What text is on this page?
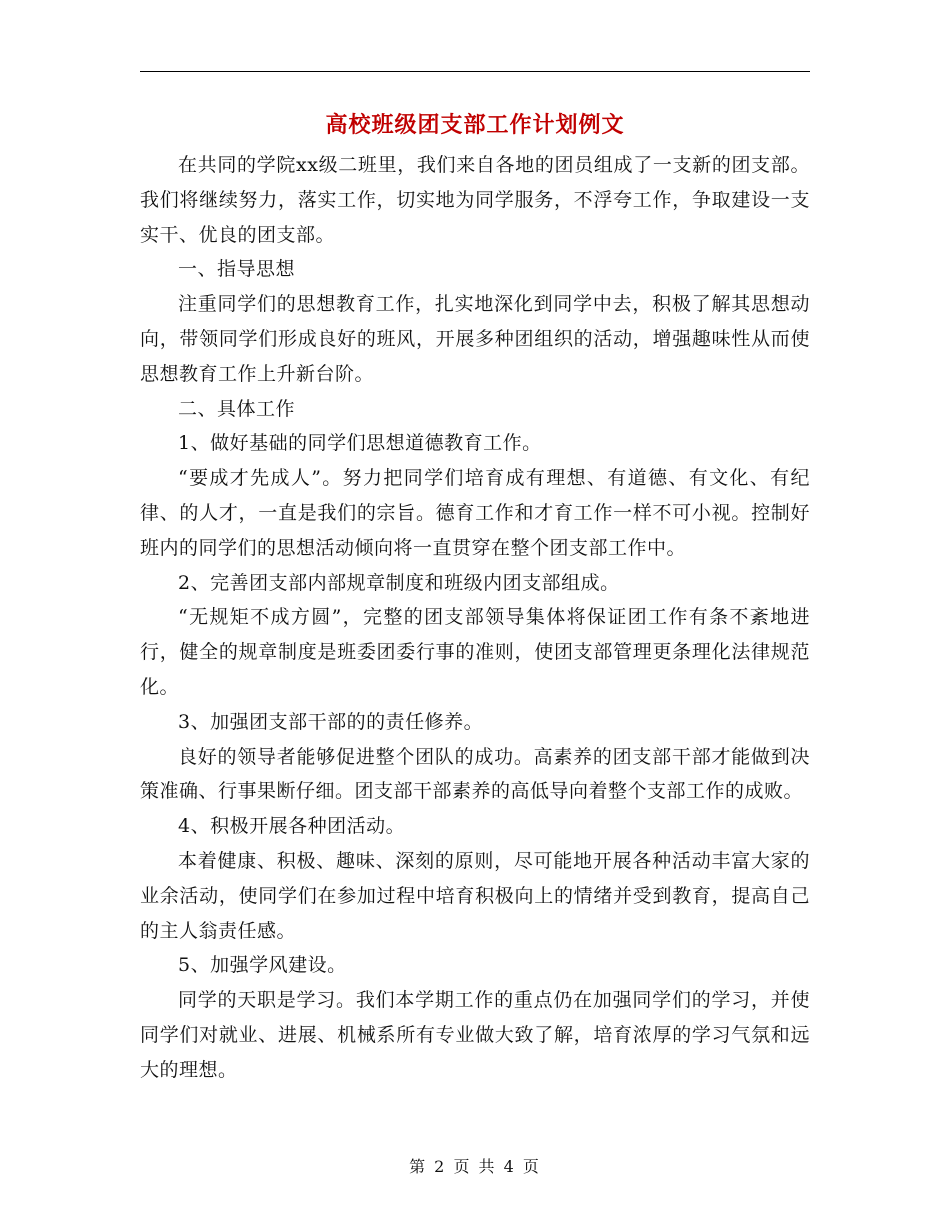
高校班级团支部工作计划例文

在共同的学院xx级二班里，我们来自各地的团员组成了一支新的团支部。我们将继续努力，落实工作，切实地为同学服务，不浮夸工作，争取建设一支实干、优良的团支部。

一、指导思想

注重同学们的思想教育工作，扎实地深化到同学中去，积极了解其思想动向，带领同学们形成良好的班风，开展多种团组织的活动，增强趣味性从而使思想教育工作上升新台阶。

二、具体工作

1、做好基础的同学们思想道德教育工作。

“要成才先成人”。努力把同学们培育成有理想、有道德、有文化、有纪律、的人才，一直是我们的宗旨。德育工作和才育工作一样不可小视。控制好班内的同学们的思想活动倾向将一直贯穿在整个团支部工作中。

2、完善团支部内部规章制度和班级内团支部组成。

“无规矩不成方圆”，完整的团支部领导集体将保证团工作有条不紊地进行，健全的规章制度是班委团委行事的准则，使团支部管理更条理化法律规范化。

3、加强团支部干部的的责任修养。

良好的领导者能够促进整个团队的成功。高素养的团支部干部才能做到决策准确、行事果断仔细。团支部干部素养的高低导向着整个支部工作的成败。

4、积极开展各种团活动。

本着健康、积极、趣味、深刻的原则，尽可能地开展各种活动丰富大家的业余活动，使同学们在参加过程中培育积极向上的情绪并受到教育，提高自己的主人翁责任感。

5、加强学风建设。

同学的天职是学习。我们本学期工作的重点仍在加强同学们的学习，并使同学们对就业、进展、机械系所有专业做大致了解，培育浓厚的学习气氛和远大的理想。

第 2 页 共 4 页
